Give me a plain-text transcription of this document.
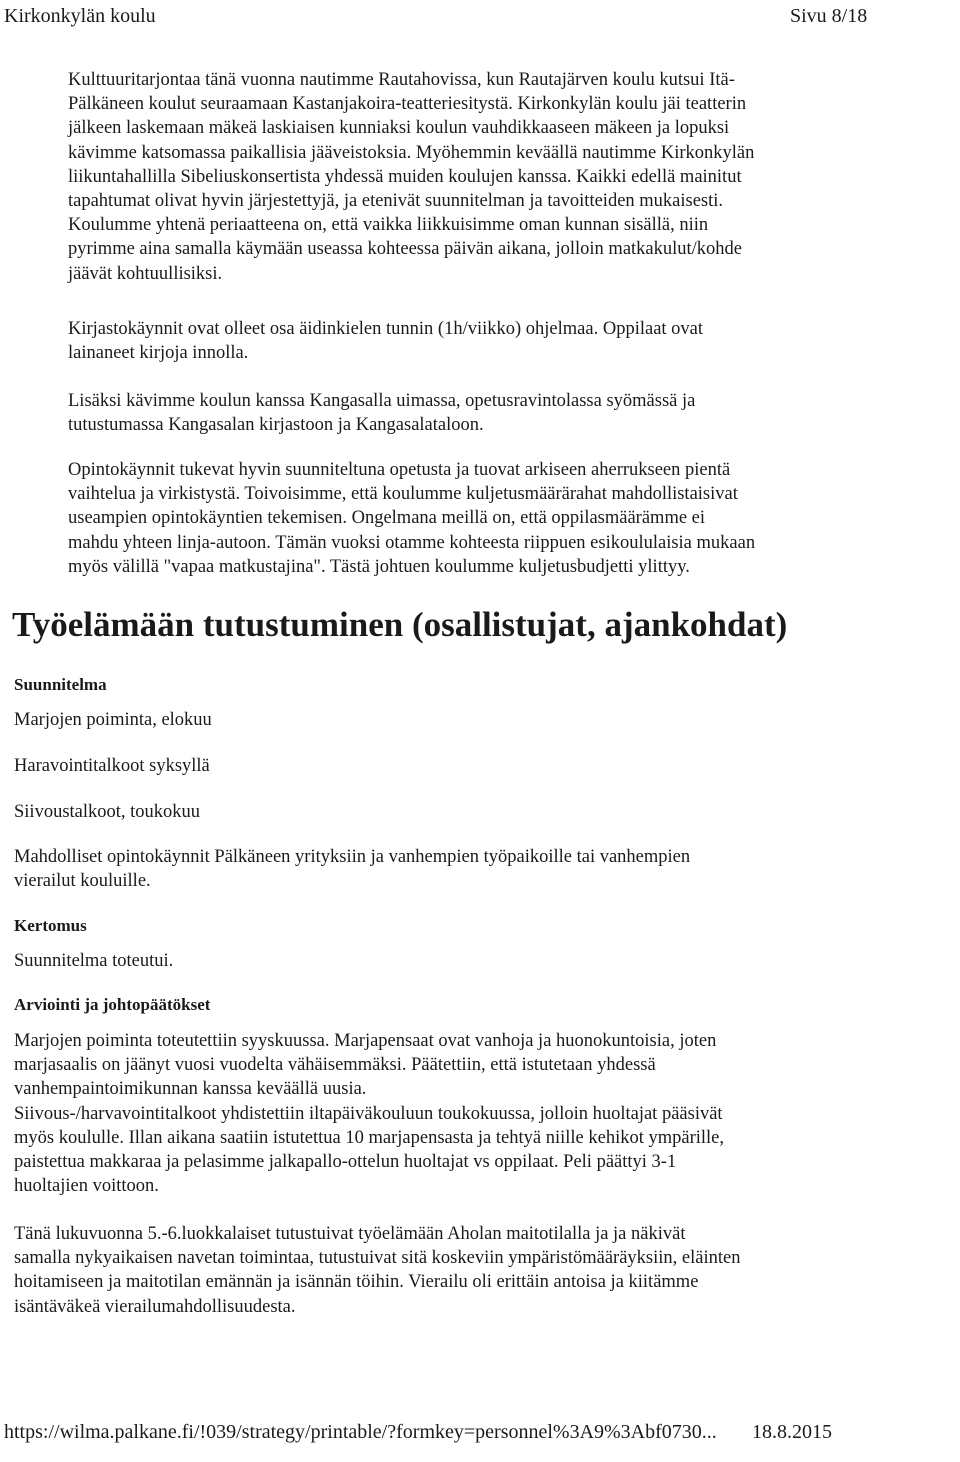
Kirkonkylän koulu	Sivu 8/18
Kulttuuritarjontaa tänä vuonna nautimme Rautahovissa, kun Rautajärven koulu kutsui Itä-
Pälkäneen koulut seuraamaan Kastanjakoira-teatteriesitystä. Kirkonkylän koulu jäi teatterin
jälkeen laskemaan mäkeä laskiaisen kunniaksi koulun vauhdikkaaseen mäkeen ja lopuksi
kävimme katsomassa paikallisia jääveistoksia. Myöhemmin keväällä nautimme Kirkonkylän
liikuntahallilla Sibeliuskonsertista yhdessä muiden koulujen kanssa. Kaikki edellä mainitut
tapahtumat olivat hyvin järjestettyjä, ja etenivät suunnitelman ja tavoitteiden mukaisesti.
Koulumme yhtenä periaatteena on, että vaikka liikkuisimme oman kunnan sisällä, niin
pyrimme aina samalla käymään useassa kohteessa päivän aikana, jolloin matkakulut/kohde
jäävät kohtuullisiksi.
Kirjastokäynnit ovat olleet osa äidinkielen tunnin (1h/viikko) ohjelmaa. Oppilaat ovat
lainaneet kirjoja innolla.
Lisäksi kävimme koulun kanssa Kangasalla uimassa, opetusravintolassa syömässä ja
tutustumassa Kangasalan kirjastoon ja Kangasalataloon.
Opintokäynnit tukevat hyvin suunniteltuna opetusta ja tuovat arkiseen aherrukseen pientä
vaihtelua ja virkistystä. Toivoisimme, että koulumme kuljetusmäärärahat mahdollistaisivat
useampien opintokäyntien tekemisen. Ongelmana meillä on, että oppilasmäärämme ei
mahdu yhteen linja-autoon. Tämän vuoksi otamme kohteesta riippuen esikoululaisia mukaan
myös välillä "vapaa matkustajina". Tästä johtuen koulumme kuljetusbudjetti ylittyy.
Työelämään tutustuminen (osallistujat, ajankohdat)
Suunnitelma
Marjojen poiminta, elokuu
Haravointitalkoot syksyllä
Siivoustalkoot, toukokuu
Mahdolliset opintokäynnit Pälkäneen yrityksiin ja vanhempien työpaikoille tai vanhempien
vierailut kouluille.
Kertomus
Suunnitelma toteutui.
Arviointi ja johtopäätökset
Marjojen poiminta toteutettiin syyskuussa. Marjapensaat ovat vanhoja ja huonokuntoisia, joten
marjasaalis on jäänyt vuosi vuodelta vähäisemmäksi. Päätettiin, että istutetaan yhdessä
vanhempaintoimikunnan kanssa keväällä uusia.
Siivous-/harvavointitalkoot yhdistettiin iltapäiväkouluun toukokuussa, jolloin huoltajat pääsivät
myös koululle. Illan aikana saatiin istutettua 10 marjapensasta ja tehtyä niille kehikot ympärille,
paistettua makkaraa ja pelasimme jalkapallo-ottelun huoltajat vs oppilaat. Peli päättyi 3-1
huoltajien voittoon.
Tänä lukuvuonna 5.-6.luokkalaiset tutustuivat työelämään Aholan maitotilalla ja ja näkivät
samalla nykyaikaisen navetan toimintaa, tutustuivat sitä koskeviin ympäristömääräyksiin, eläinten
hoitamiseen ja maitotilan emännän ja isännän töihin. Vierailu oli erittäin antoisa ja kiitämme
isäntäväkeä vierailumahdollisuudesta.
https://wilma.palkane.fi/!039/strategy/printable/?formkey=personnel%3A9%3Abf0730... 18.8.2015
